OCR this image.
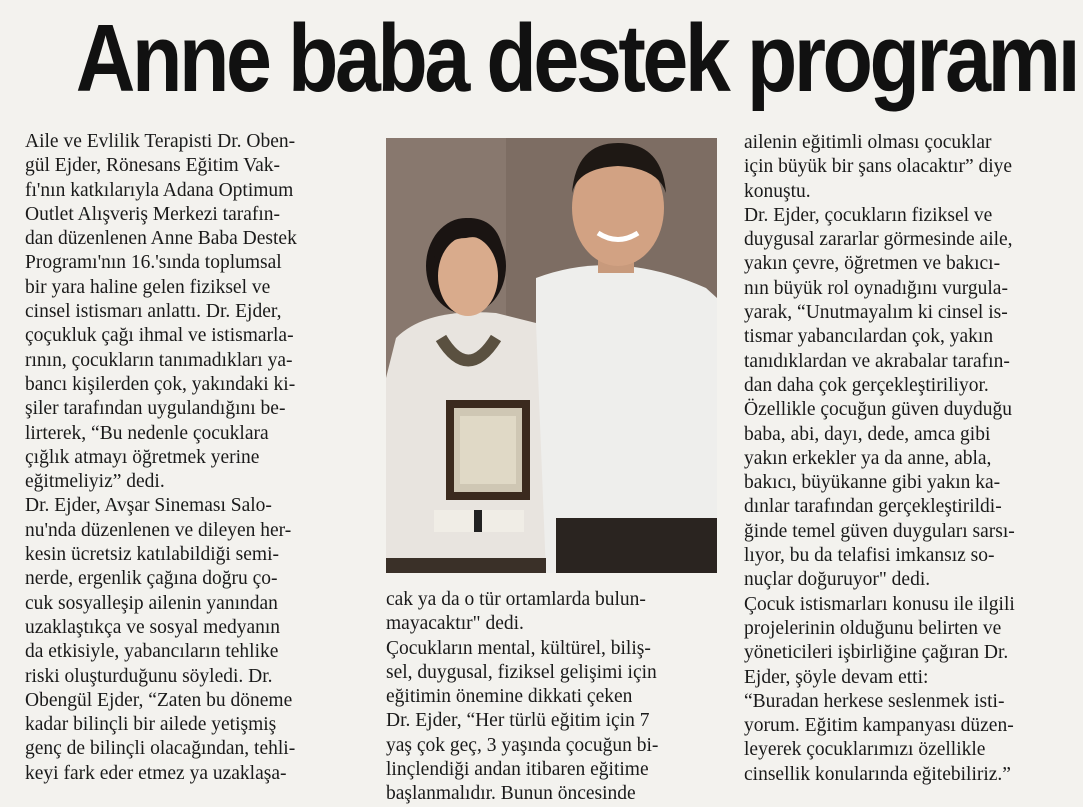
Anne baba destek programı
Aile ve Evlilik Terapisti Dr. Oben-
gül Ejder, Rönesans Eğitim Vak-
fı'nın katkılarıyla Adana Optimum
Outlet Alışveriş Merkezi tarafın-
dan düzenlenen Anne Baba Destek
Programı'nın 16.'sında toplumsal
bir yara haline gelen fiziksel ve
cinsel istismarı anlattı. Dr. Ejder,
çoçukluk çağı ihmal ve istismarla-
rının, çocukların tanımadıkları ya-
bancı kişilerden çok, yakındaki ki-
şiler tarafından uygulandığını be-
lirterek, “Bu nedenle çocuklara
çığlık atmayı öğretmek yerine
eğitmeliyiz” dedi.
Dr. Ejder, Avşar Sineması Salo-
nu'nda düzenlenen ve dileyen her-
kesin ücretsiz katılabildiği semi-
nerde, ergenlik çağına doğru ço-
cuk sosyalleşip ailenin yanından
uzaklaştıkça ve sosyal medyanın
da etkisiyle, yabancıların tehlike
riski oluşturduğunu söyledi. Dr.
Obengül Ejder, “Zaten bu döneme
kadar bilinçli bir ailede yetişmiş
genç de bilinçli olacağından, tehli-
keyi fark eder etmez ya uzaklaşa-
cak ya da o tür ortamlarda bulun-
mayacaktır" dedi.
Çocukların mental, kültürel, biliş-
sel, duygusal, fiziksel gelişimi için
eğitimin önemine dikkati çeken
Dr. Ejder, “Her türlü eğitim için 7
yaş çok geç, 3 yaşında çocuğun bi-
linçlendiği andan itibaren eğitime
başlanmalıdır. Bunun öncesinde
ailenin eğitimli olması çocuklar
için büyük bir şans olacaktır” diye
konuştu.
Dr. Ejder, çocukların fiziksel ve
duygusal zararlar görmesinde aile,
yakın çevre, öğretmen ve bakıcı-
nın büyük rol oynadığını vurgula-
yarak, “Unutmayalım ki cinsel is-
tismar yabancılardan çok, yakın
tanıdıklardan ve akrabalar tarafın-
dan daha çok gerçekleştiriliyor.
Özellikle çocuğun güven duyduğu
baba, abi, dayı, dede, amca gibi
yakın erkekler ya da anne, abla,
bakıcı, büyükanne gibi yakın ka-
dınlar tarafından gerçekleştirildi-
ğinde temel güven duyguları sarsı-
lıyor, bu da telafisi imkansız so-
nuçlar doğuruyor" dedi.
Çocuk istismarları konusu ile ilgili
projelerinin olduğunu belirten ve
yöneticileri işbirliğine çağıran Dr.
Ejder, şöyle devam etti:
“Buradan herkese seslenmek isti-
yorum. Eğitim kampanyası düzen-
leyerek çocuklarımızı özellikle
cinsellik konularında eğitebiliriz.”
